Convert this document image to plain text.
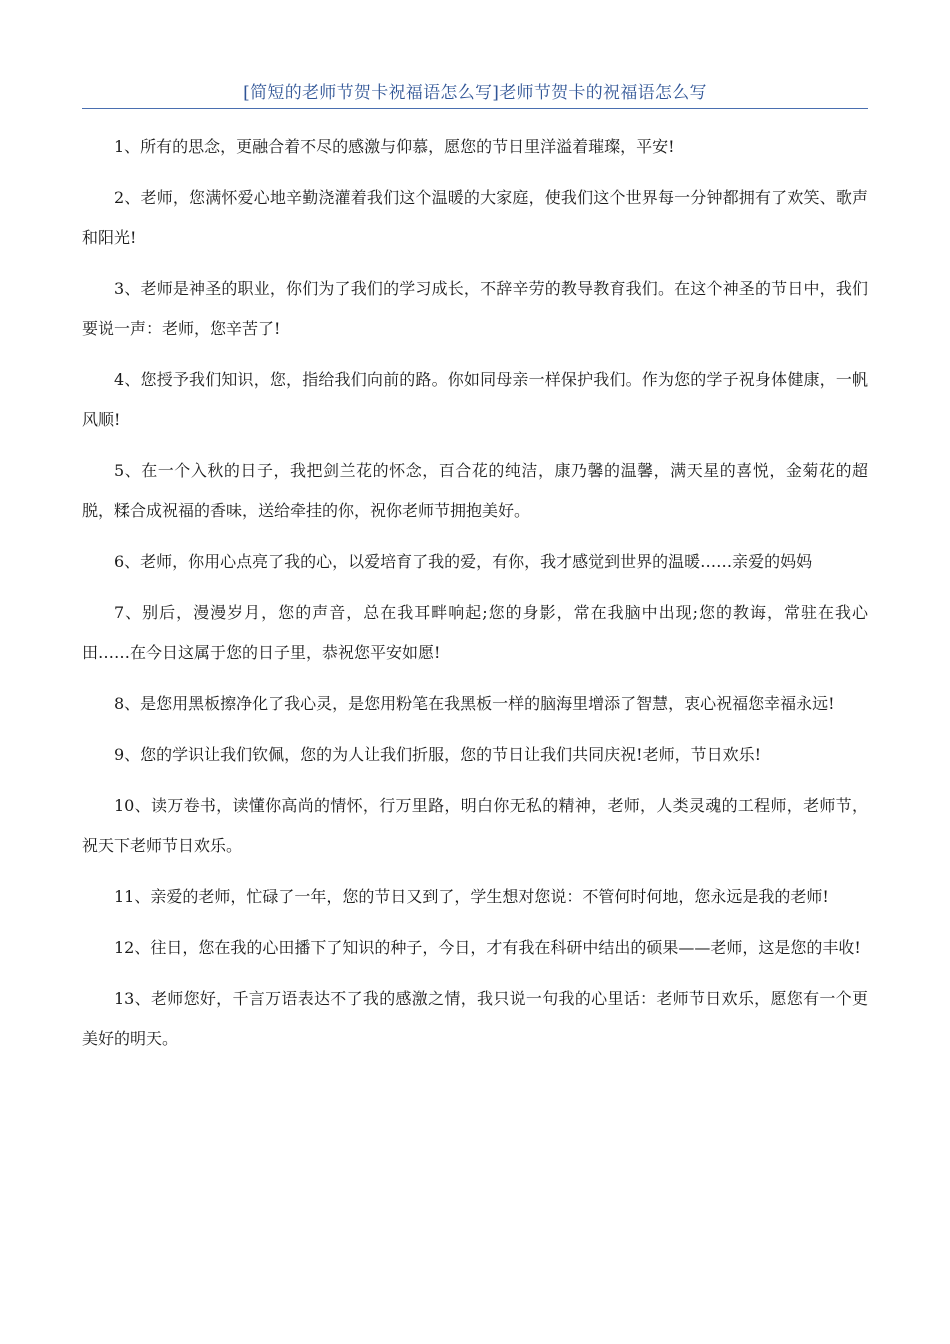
[简短的老师节贺卡祝福语怎么写]老师节贺卡的祝福语怎么写

1、所有的思念，更融合着不尽的感激与仰慕，愿您的节日里洋溢着璀璨，平安!

2、老师，您满怀爱心地辛勤浇灌着我们这个温暖的大家庭，使我们这个世界每一分钟都拥有了欢笑、歌声和阳光!

3、老师是神圣的职业，你们为了我们的学习成长，不辞辛劳的教导教育我们。在这个神圣的节日中，我们要说一声：老师，您辛苦了!

4、您授予我们知识，您，指给我们向前的路。你如同母亲一样保护我们。作为您的学子祝身体健康，一帆风顺!

5、在一个入秋的日子，我把剑兰花的怀念，百合花的纯洁，康乃馨的温馨，满天星的喜悦，金菊花的超脱，糅合成祝福的香味，送给牵挂的你，祝你老师节拥抱美好。

6、老师，你用心点亮了我的心，以爱培育了我的爱，有你，我才感觉到世界的温暖……亲爱的妈妈

7、别后，漫漫岁月，您的声音，总在我耳畔响起;您的身影，常在我脑中出现;您的教诲，常驻在我心田……在今日这属于您的日子里，恭祝您平安如愿!

8、是您用黑板擦净化了我心灵，是您用粉笔在我黑板一样的脑海里增添了智慧，衷心祝福您幸福永远!

9、您的学识让我们钦佩，您的为人让我们折服，您的节日让我们共同庆祝!老师，节日欢乐!

10、读万卷书，读懂你高尚的情怀，行万里路，明白你无私的精神，老师，人类灵魂的工程师，老师节，祝天下老师节日欢乐。

11、亲爱的老师，忙碌了一年，您的节日又到了，学生想对您说：不管何时何地，您永远是我的老师!

12、往日，您在我的心田播下了知识的种子，今日，才有我在科研中结出的硕果——老师，这是您的丰收!

13、老师您好，千言万语表达不了我的感激之情，我只说一句我的心里话：老师节日欢乐，愿您有一个更美好的明天。
